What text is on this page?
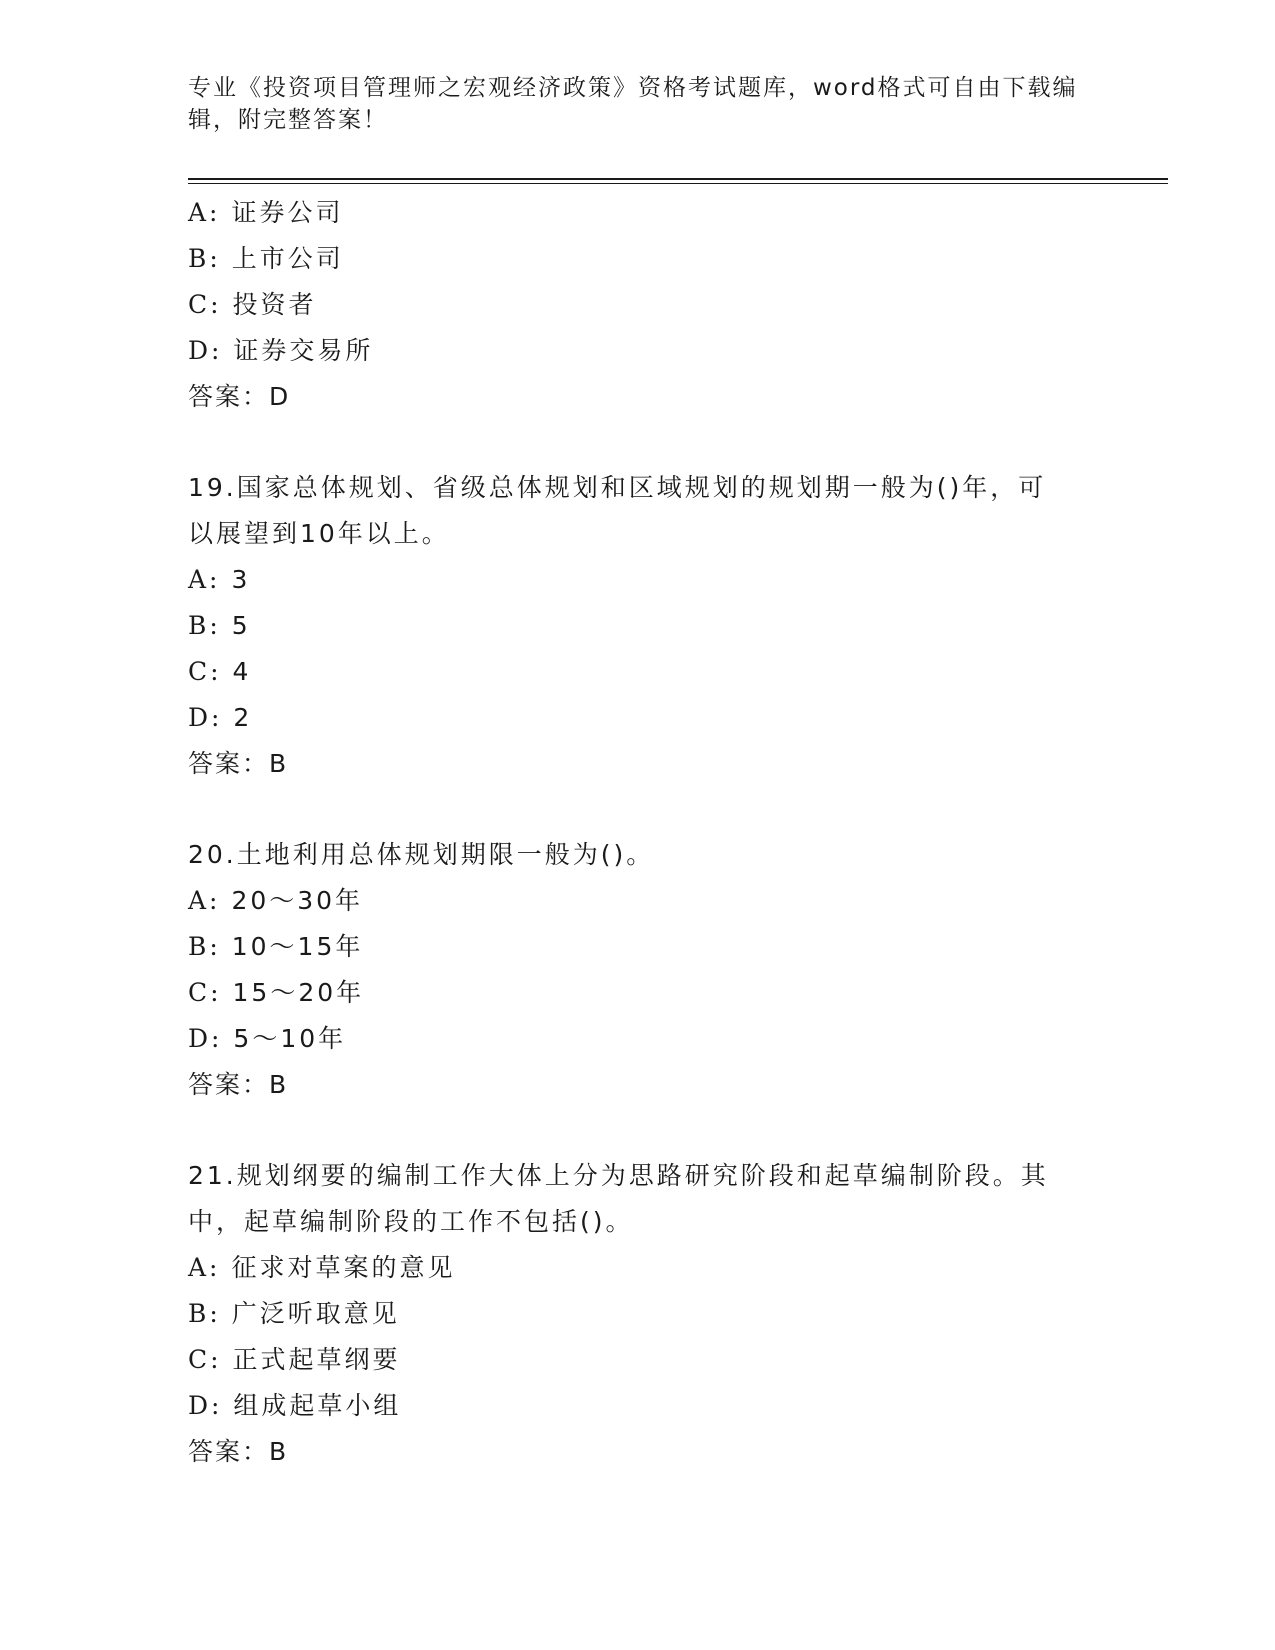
专业《投资项目管理师之宏观经济政策》资格考试题库，word格式可自由下载编
辑，附完整答案！
A: 证券公司
B: 上市公司
C: 投资者
D: 证券交易所
答案：D
19.国家总体规划、省级总体规划和区域规划的规划期一般为()年，可
以展望到10年以上。
A: 3
B: 5
C: 4
D: 2
答案：B
20.土地利用总体规划期限一般为()。
A: 20～30年
B: 10～15年
C: 15～20年
D: 5～10年
答案：B
21.规划纲要的编制工作大体上分为思路研究阶段和起草编制阶段。其
中，起草编制阶段的工作不包括()。
A: 征求对草案的意见
B: 广泛听取意见
C: 正式起草纲要
D: 组成起草小组
答案：B
